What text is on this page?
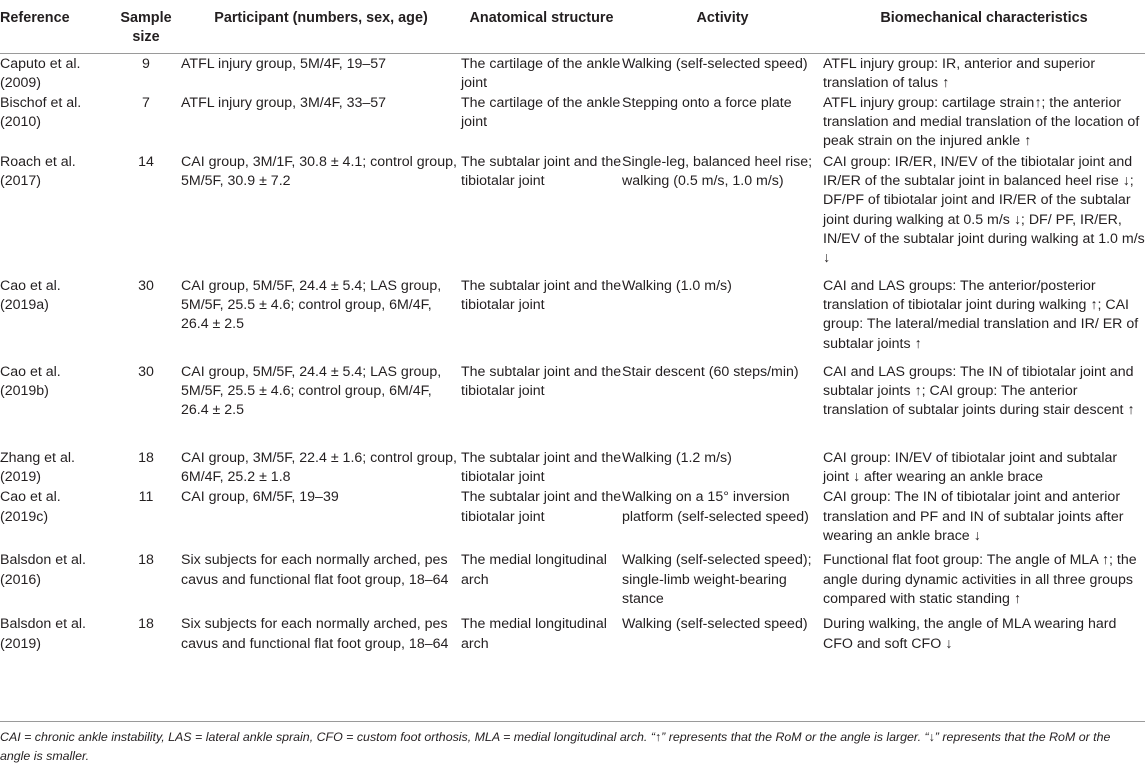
Reference	Sample size	Participant (numbers, sex, age)	Anatomical structure	Activity	Biomechanical characteristics
Caputo et al. (2009)	9	ATFL injury group, 5M/4F, 19–57	The cartilage of the ankle joint	Walking (self-selected speed)	ATFL injury group: IR, anterior and superior translation of talus ↑
Bischof et al. (2010)	7	ATFL injury group, 3M/4F, 33–57	The cartilage of the ankle joint	Stepping onto a force plate	ATFL injury group: cartilage strain↑; the anterior translation and medial translation of the location of peak strain on the injured ankle ↑
Roach et al. (2017)	14	CAI group, 3M/1F, 30.8 ± 4.1; control group, 5M/5F, 30.9 ± 7.2	The subtalar joint and the tibiotalar joint	Single-leg, balanced heel rise; walking (0.5 m/s, 1.0 m/s)	CAI group: IR/ER, IN/EV of the tibiotalar joint and IR/ER of the subtalar joint in balanced heel rise ↓; DF/PF of tibiotalar joint and IR/ER of the subtalar joint during walking at 0.5 m/s ↓; DF/ PF, IR/ER, IN/EV of the subtalar joint during walking at 1.0 m/s ↓
Cao et al. (2019a)	30	CAI group, 5M/5F, 24.4 ± 5.4; LAS group, 5M/5F, 25.5 ± 4.6; control group, 6M/4F, 26.4 ± 2.5	The subtalar joint and the tibiotalar joint	Walking (1.0 m/s)	CAI and LAS groups: The anterior/posterior translation of tibiotalar joint during walking ↑; CAI group: The lateral/medial translation and IR/ ER of subtalar joints ↑
Cao et al. (2019b)	30	CAI group, 5M/5F, 24.4 ± 5.4; LAS group, 5M/5F, 25.5 ± 4.6; control group, 6M/4F, 26.4 ± 2.5	The subtalar joint and the tibiotalar joint	Stair descent (60 steps/min)	CAI and LAS groups: The IN of tibiotalar joint and subtalar joints ↑; CAI group: The anterior translation of subtalar joints during stair descent ↑
Zhang et al. (2019)	18	CAI group, 3M/5F, 22.4 ± 1.6; control group, 6M/4F, 25.2 ± 1.8	The subtalar joint and the tibiotalar joint	Walking (1.2 m/s)	CAI group: IN/EV of tibiotalar joint and subtalar joint ↓ after wearing an ankle brace
Cao et al. (2019c)	11	CAI group, 6M/5F, 19–39	The subtalar joint and the tibiotalar joint	Walking on a 15° inversion platform (self-selected speed)	CAI group: The IN of tibiotalar joint and anterior translation and PF and IN of subtalar joints after wearing an ankle brace ↓
Balsdon et al. (2016)	18	Six subjects for each normally arched, pes cavus and functional flat foot group, 18–64	The medial longitudinal arch	Walking (self-selected speed); single-limb weight-bearing stance	Functional flat foot group: The angle of MLA ↑; the angle during dynamic activities in all three groups compared with static standing ↑
Balsdon et al. (2019)	18	Six subjects for each normally arched, pes cavus and functional flat foot group, 18–64	The medial longitudinal arch	Walking (self-selected speed)	During walking, the angle of MLA wearing hard CFO and soft CFO ↓
CAI = chronic ankle instability, LAS = lateral ankle sprain, CFO = custom foot orthosis, MLA = medial longitudinal arch. “↑” represents that the RoM or the angle is larger. “↓” represents that the RoM or the angle is smaller.
